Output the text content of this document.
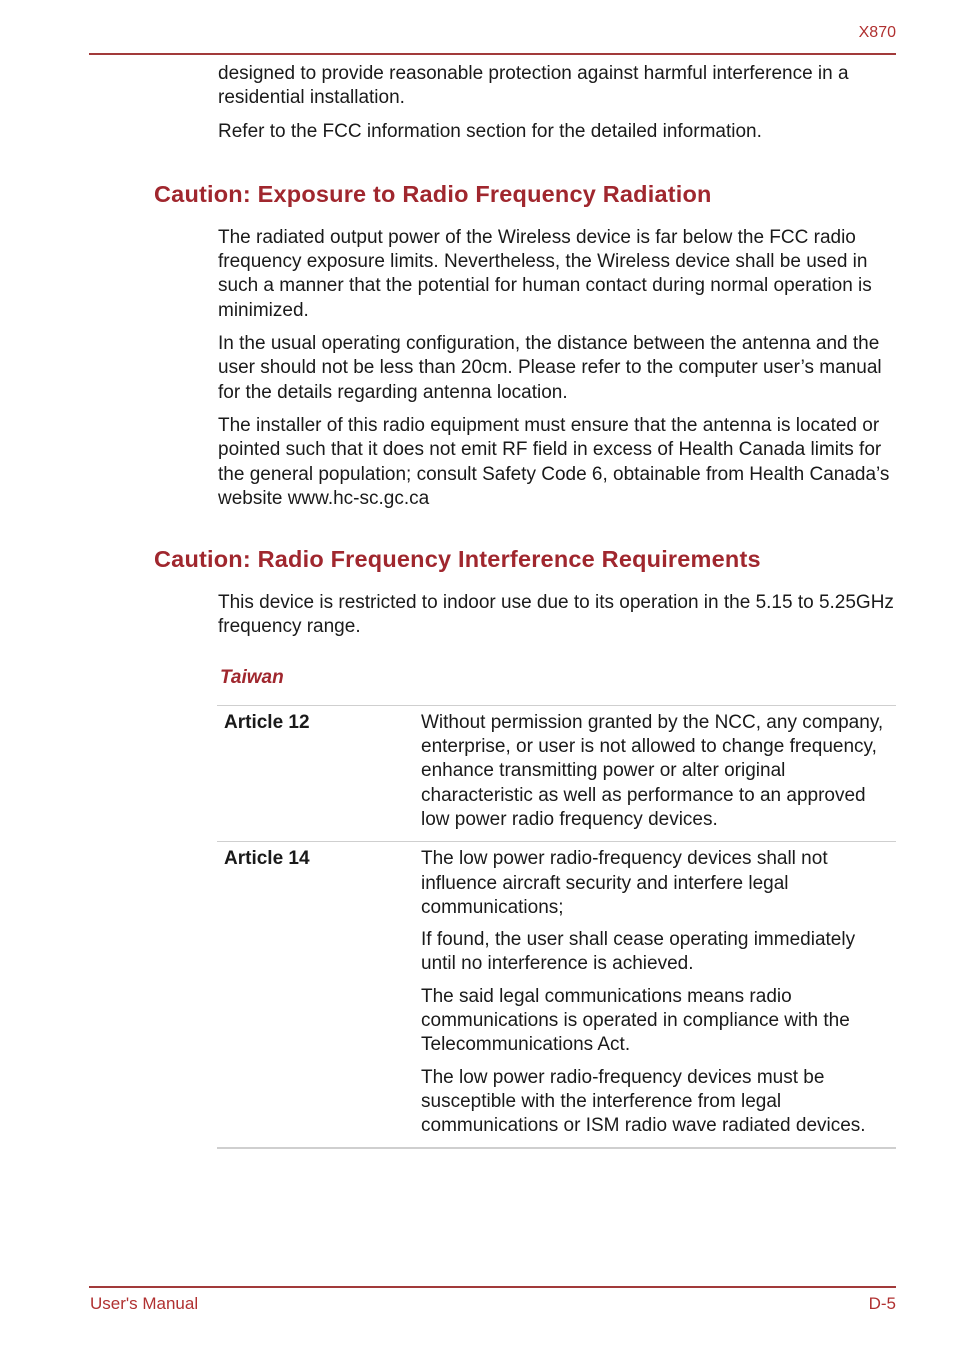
X870

designed to provide reasonable protection against harmful interference in a residential installation.

Refer to the FCC information section for the detailed information.

Caution: Exposure to Radio Frequency Radiation

The radiated output power of the Wireless device is far below the FCC radio frequency exposure limits. Nevertheless, the Wireless device shall be used in such a manner that the potential for human contact during normal operation is minimized.

In the usual operating configuration, the distance between the antenna and the user should not be less than 20cm. Please refer to the computer user’s manual for the details regarding antenna location.

The installer of this radio equipment must ensure that the antenna is located or pointed such that it does not emit RF field in excess of Health Canada limits for the general population; consult Safety Code 6, obtainable from Health Canada’s website www.hc-sc.gc.ca

Caution: Radio Frequency Interference Requirements

This device is restricted to indoor use due to its operation in the 5.15 to 5.25GHz frequency range.

Taiwan
Article 12	Without permission granted by the NCC, any company, enterprise, or user is not allowed to change frequency, enhance transmitting power or alter original characteristic as well as performance to an approved low power radio frequency devices.

Article 14	The low power radio-frequency devices shall not influence aircraft security and interfere legal communications;

If found, the user shall cease operating immediately until no interference is achieved.

The said legal communications means radio communications is operated in compliance with the Telecommunications Act.

The low power radio-frequency devices must be susceptible with the interference from legal communications or ISM radio wave radiated devices.

User's Manual	D-5
